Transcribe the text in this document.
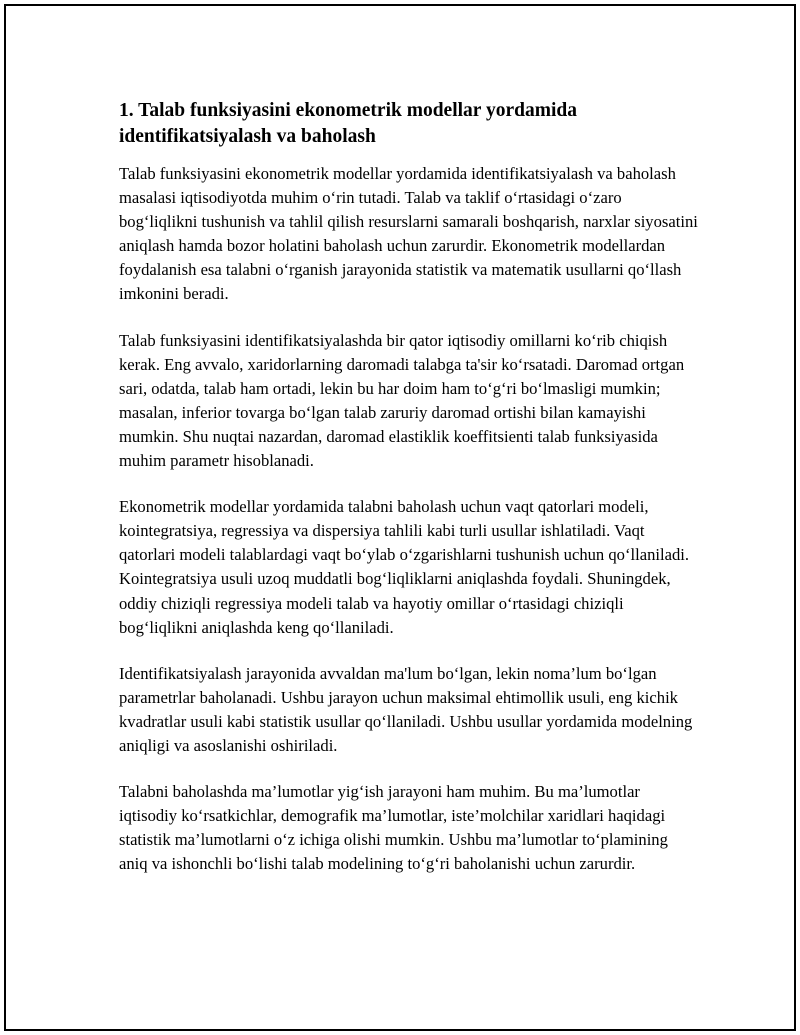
1. Talab funksiyasini ekonometrik modellar yordamida identifikatsiyalash va baholash

Talab funksiyasini ekonometrik modellar yordamida identifikatsiyalash va baholash masalasi iqtisodiyotda muhim o‘rin tutadi. Talab va taklif o‘rtasidagi o‘zaro bog‘liqlikni tushunish va tahlil qilish resurslarni samarali boshqarish, narxlar siyosatini aniqlash hamda bozor holatini baholash uchun zarurdir. Ekonometrik modellardan foydalanish esa talabni o‘rganish jarayonida statistik va matematik usullarni qo‘llash imkonini beradi.

Talab funksiyasini identifikatsiyalashda bir qator iqtisodiy omillarni ko‘rib chiqish kerak. Eng avvalo, xaridorlarning daromadi talabga ta'sir ko‘rsatadi. Daromad ortgan sari, odatda, talab ham ortadi, lekin bu har doim ham to‘g‘ri bo‘lmasligi mumkin; masalan, inferior tovarga bo‘lgan talab zaruriy daromad ortishi bilan kamayishi mumkin. Shu nuqtai nazardan, daromad elastiklik koeffitsienti talab funksiyasida muhim parametr hisoblanadi.

Ekonometrik modellar yordamida talabni baholash uchun vaqt qatorlari modeli, kointegratsiya, regressiya va dispersiya tahlili kabi turli usullar ishlatiladi. Vaqt qatorlari modeli talablardagi vaqt bo‘ylab o‘zgarishlarni tushunish uchun qo‘llaniladi. Kointegratsiya usuli uzoq muddatli bog‘liqliklarni aniqlashda foydali. Shuningdek, oddiy chiziqli regressiya modeli talab va hayotiy omillar o‘rtasidagi chiziqli bog‘liqlikni aniqlashda keng qo‘llaniladi.

Identifikatsiyalash jarayonida avvaldan ma'lum bo‘lgan, lekin noma’lum bo‘lgan parametrlar baholanadi. Ushbu jarayon uchun maksimal ehtimollik usuli, eng kichik kvadratlar usuli kabi statistik usullar qo‘llaniladi. Ushbu usullar yordamida modelning aniqligi va asoslanishi oshiriladi.

Talabni baholashda ma’lumotlar yig‘ish jarayoni ham muhim. Bu ma’lumotlar iqtisodiy ko‘rsatkichlar, demografik ma’lumotlar, iste’molchilar xaridlari haqidagi statistik ma’lumotlarni o‘z ichiga olishi mumkin. Ushbu ma’lumotlar to‘plamining aniq va ishonchli bo‘lishi talab modelining to‘g‘ri baholanishi uchun zarurdir.
